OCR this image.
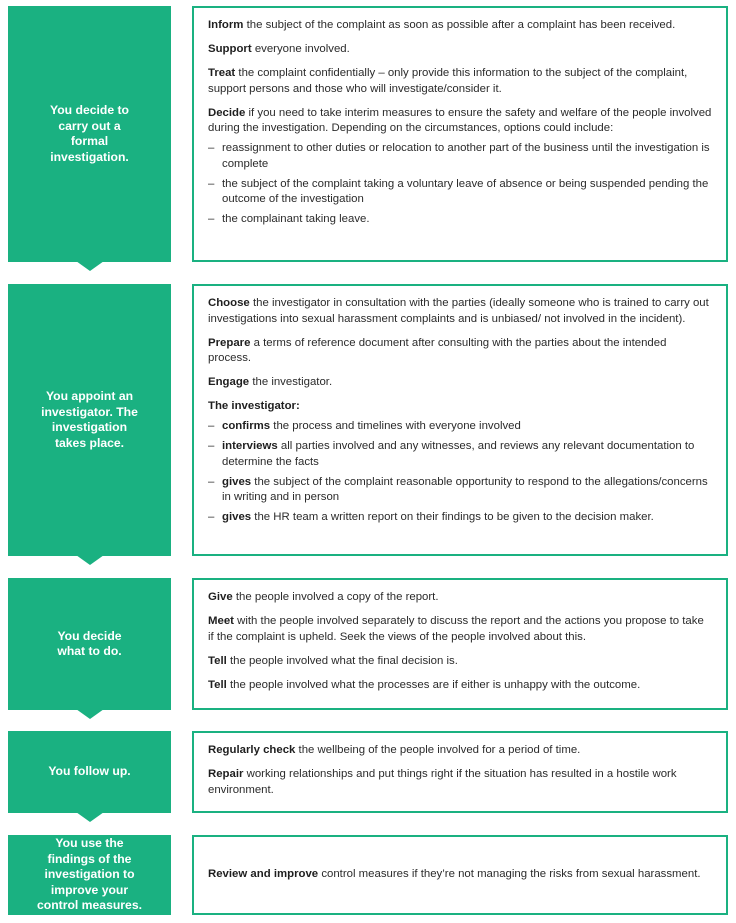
You decide to carry out a formal investigation.

Inform the subject of the complaint as soon as possible after a complaint has been received.

Support everyone involved.

Treat the complaint confidentially – only provide this information to the subject of the complaint, support persons and those who will investigate/consider it.

Decide if you need to take interim measures to ensure the safety and welfare of the people involved during the investigation. Depending on the circumstances, options could include:

– reassignment to other duties or relocation to another part of the business until the investigation is complete
– the subject of the complaint taking a voluntary leave of absence or being suspended pending the outcome of the investigation
– the complainant taking leave.
You appoint an investigator. The investigation takes place.

Choose the investigator in consultation with the parties (ideally someone who is trained to carry out investigations into sexual harassment complaints and is unbiased/ not involved in the incident).

Prepare a terms of reference document after consulting with the parties about the intended process.

Engage the investigator.

The investigator:

– confirms the process and timelines with everyone involved
– interviews all parties involved and any witnesses, and reviews any relevant documentation to determine the facts
– gives the subject of the complaint reasonable opportunity to respond to the allegations/concerns in writing and in person
– gives the HR team a written report on their findings to be given to the decision maker.
You decide what to do.

Give the people involved a copy of the report.

Meet with the people involved separately to discuss the report and the actions you propose to take if the complaint is upheld. Seek the views of the people involved about this.

Tell the people involved what the final decision is.

Tell the people involved what the processes are if either is unhappy with the outcome.

You follow up.

Regularly check the wellbeing of the people involved for a period of time.

Repair working relationships and put things right if the situation has resulted in a hostile work environment.

You use the findings of the investigation to improve your control measures.

Review and improve control measures if they’re not managing the risks from sexual harassment.
